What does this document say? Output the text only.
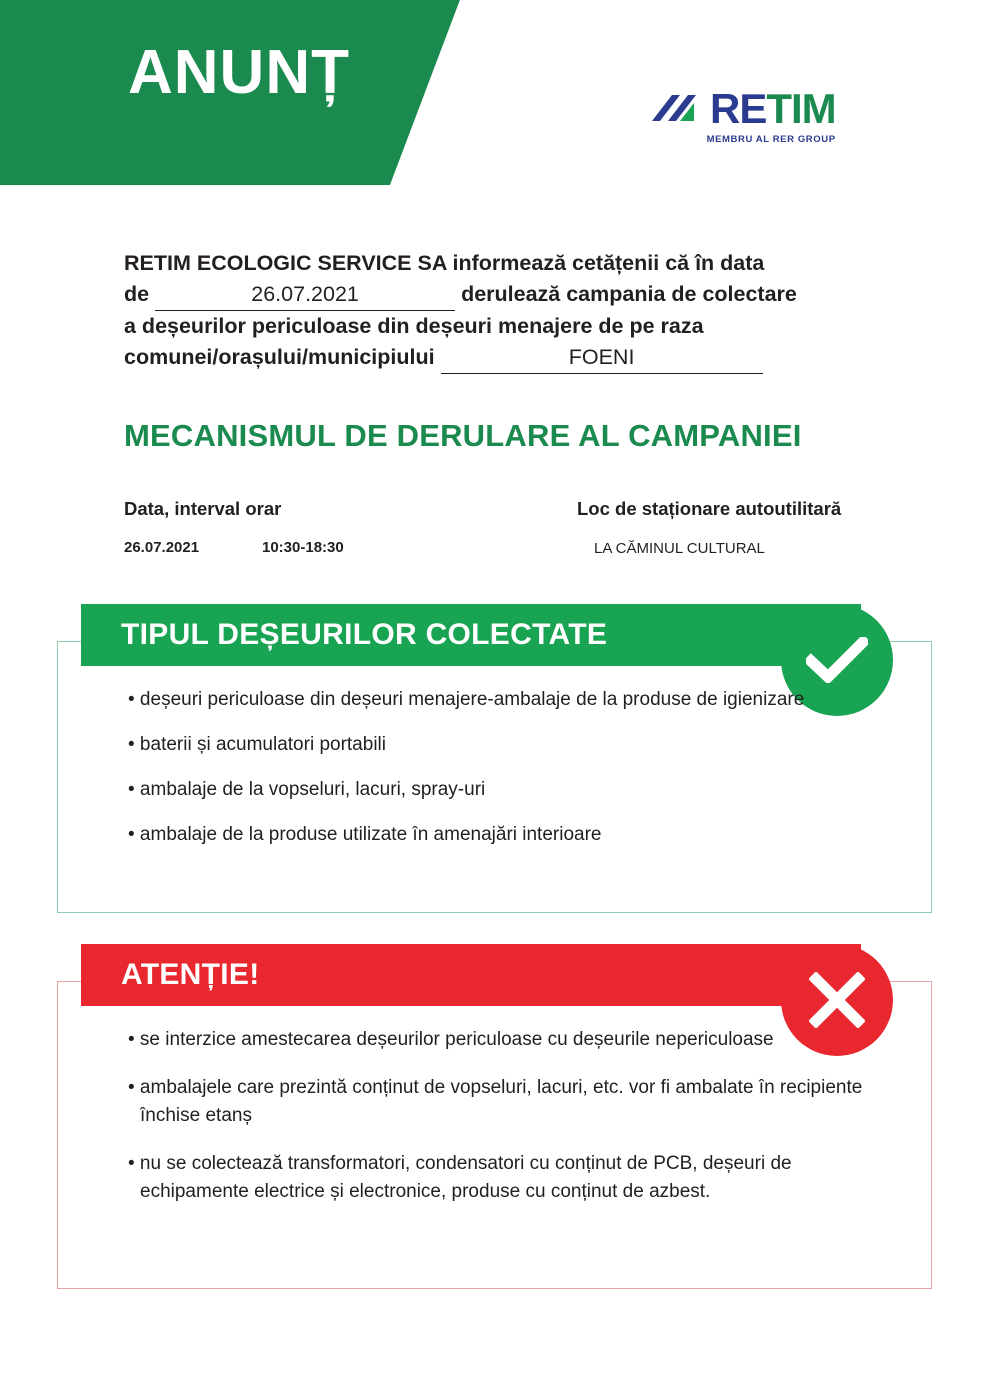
ANUNȚ
RETIM
MEMBRU AL RER GROUP
RETIM ECOLOGIC SERVICE SA informează cetățenii că în data
de	26.07.2021	derulează campania de colectare
a deșeurilor periculoase din deșeuri menajere de pe raza
comunei/orașului/municipiului	FOENI
MECANISMUL DE DERULARE AL CAMPANIEI
Data, interval orar	Loc de staționare autoutilitară
26.07.2021	10:30-18:30	LA CĂMINUL CULTURAL
TIPUL DEȘEURILOR COLECTATE
• deșeuri periculoase din deșeuri menajere-ambalaje de la produse de igienizare
• baterii și acumulatori portabili
• ambalaje de la vopseluri, lacuri, spray-uri
• ambalaje de la produse utilizate în amenajări interioare
ATENȚIE!
• se interzice amestecarea deșeurilor periculoase cu deșeurile nepericuloase
• ambalajele care prezintă conținut de vopseluri, lacuri, etc. vor fi ambalate în recipiente închise etanș
• nu se colectează transformatori, condensatori cu conținut de PCB, deșeuri de echipamente electrice și electronice, produse cu conținut de azbest.
